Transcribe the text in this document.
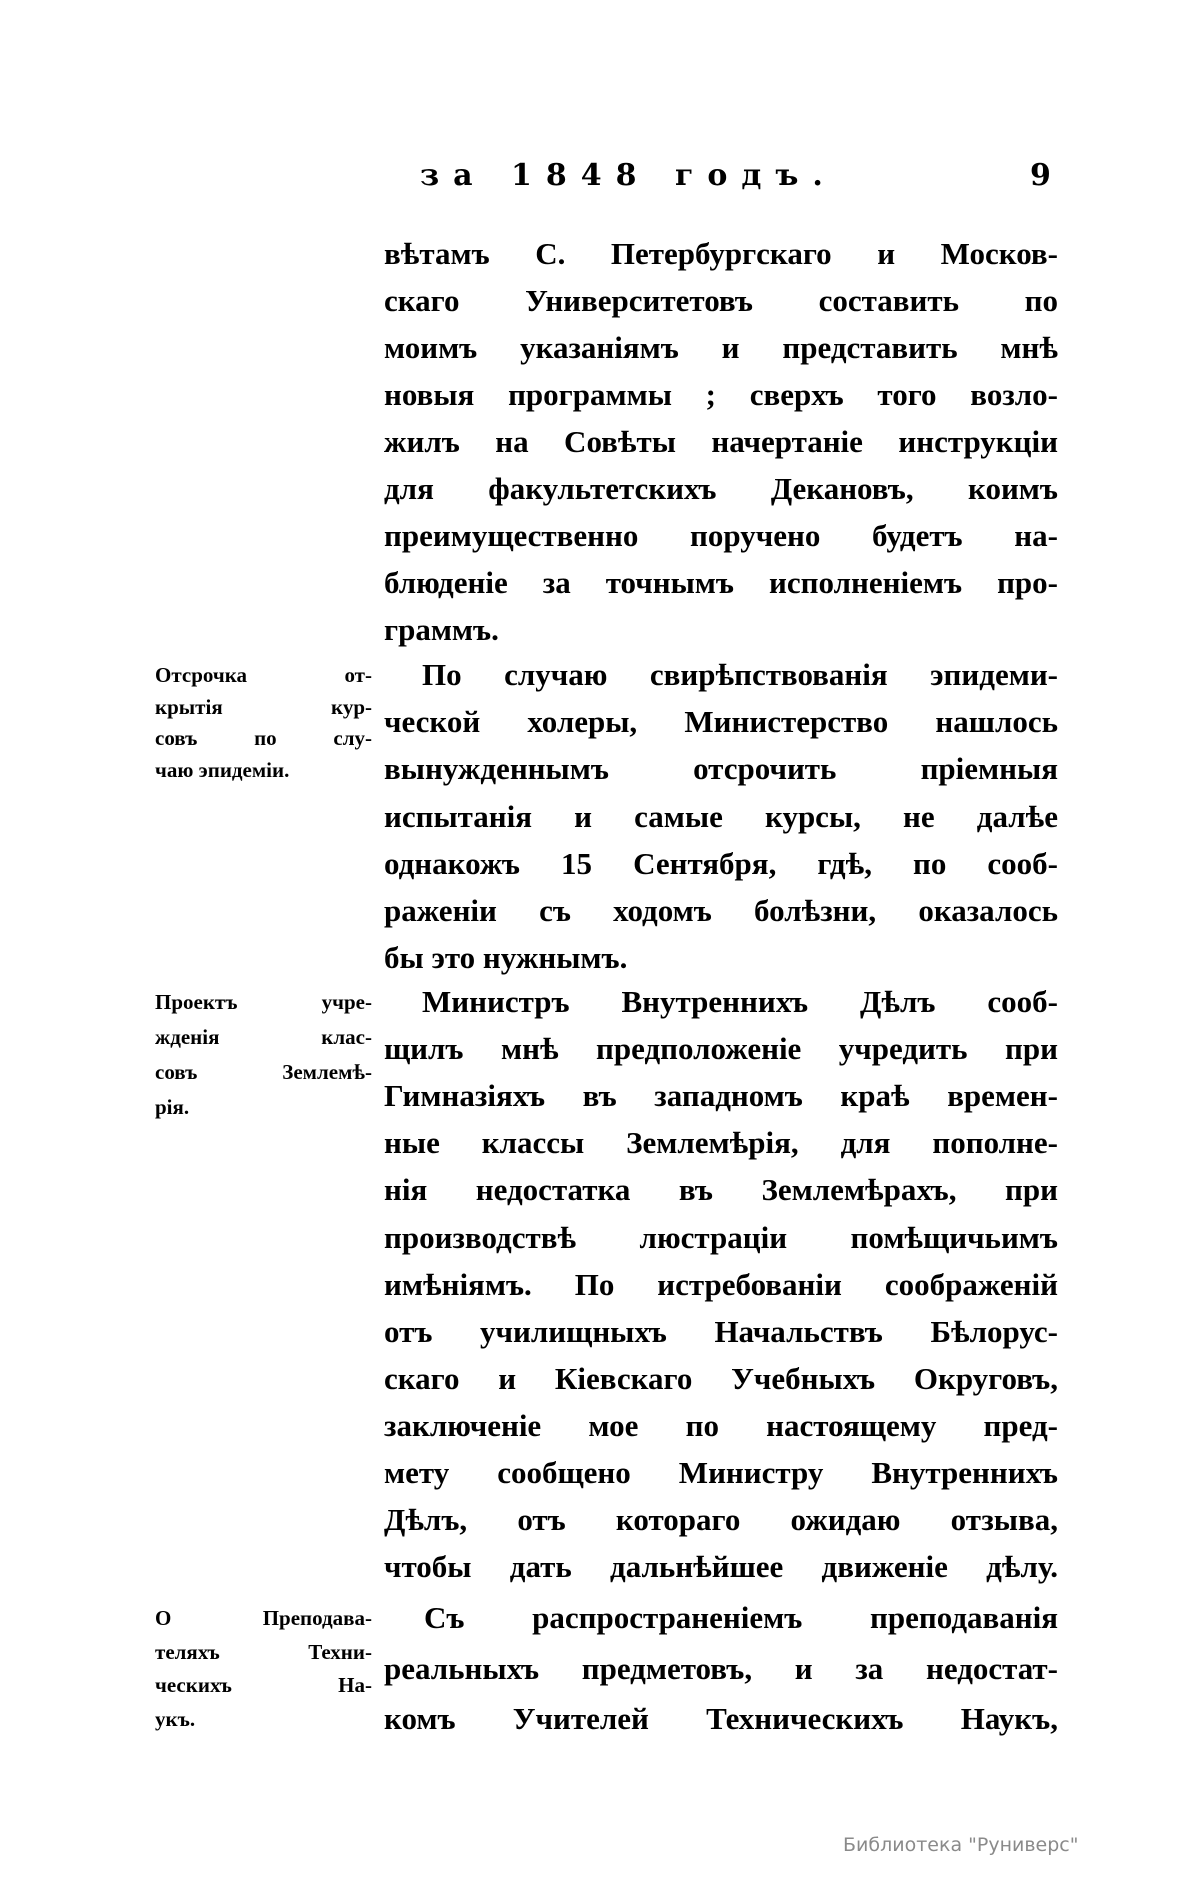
за 1848 годъ.	9
вѣтамъ С. Петербургскаго и Москов-
скаго Университетовъ составить по
моимъ указаніямъ и представить мнѣ
новыя программы ; сверхъ того возло-
жилъ на Совѣты начертаніе инструкціи
для факультетскихъ Декановъ, коимъ
преимущественно поручено будетъ на-
блюденіе за точнымъ исполненіемъ про-
граммъ.
По случаю свирѣпствованія эпидеми-
ческой холеры, Министерство нашлось
вынужденнымъ отсрочить пріемныя
испытанія и самые курсы, не далѣе
однакожъ 15 Сентября, гдѣ, по сооб-
раженіи съ ходомъ болѣзни, оказалось
бы это нужнымъ.
Отсрочка от-
крытія кур-
совъ по слу-
чаю эпидеміи.
Министръ Внутреннихъ Дѣлъ сооб-
щилъ мнѣ предположеніе учредить при
Гимназіяхъ въ западномъ краѣ времен-
ные классы Землемѣрія, для пополне-
нія недостатка въ Землемѣрахъ, при
производствѣ люстраціи помѣщичьимъ
имѣніямъ. По истребованіи соображеній
отъ училищныхъ Начальствъ Бѣлорус-
скаго и Кіевскаго Учебныхъ Округовъ,
заключеніе мое по настоящему пред-
мету сообщено Министру Внутреннихъ
Дѣлъ, отъ котораго ожидаю отзыва,
чтобы дать дальнѣйшее движеніе дѣлу.
Проектъ учре-
жденія клас-
совъ Землемѣ-
рія.
Съ распространеніемъ преподаванія
реальныхъ предметовъ, и за недостат-
комъ Учителей Техническихъ Наукъ,
О Преподава-
теляхъ Техни-
ческихъ На-
укъ.
Библиотека "Руниверс"
